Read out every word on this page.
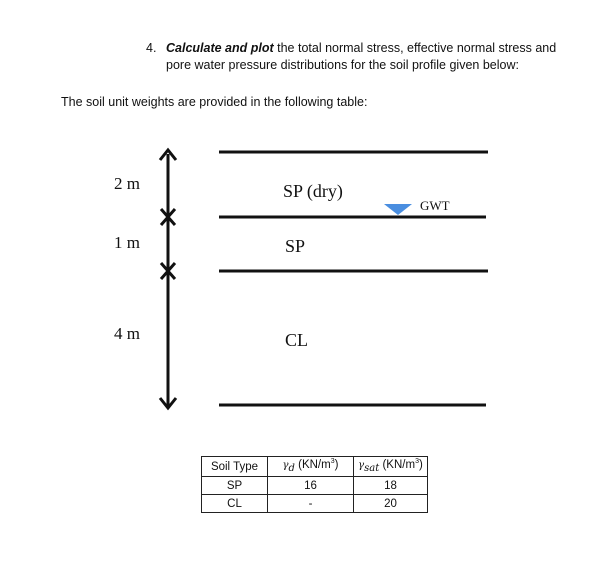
4. Calculate and plot the total normal stress, effective normal stress and
pore water pressure distributions for the soil profile given below:
The soil unit weights are provided in the following table:
2 m
1 m
4 m
SP (dry)
SP
CL
GWT
Soil Type	$\gamma_d$ $(KN/m^3)$	$\gamma_{sat}$ $(KN/m^3)$
SP	16	18
CL	-	20
